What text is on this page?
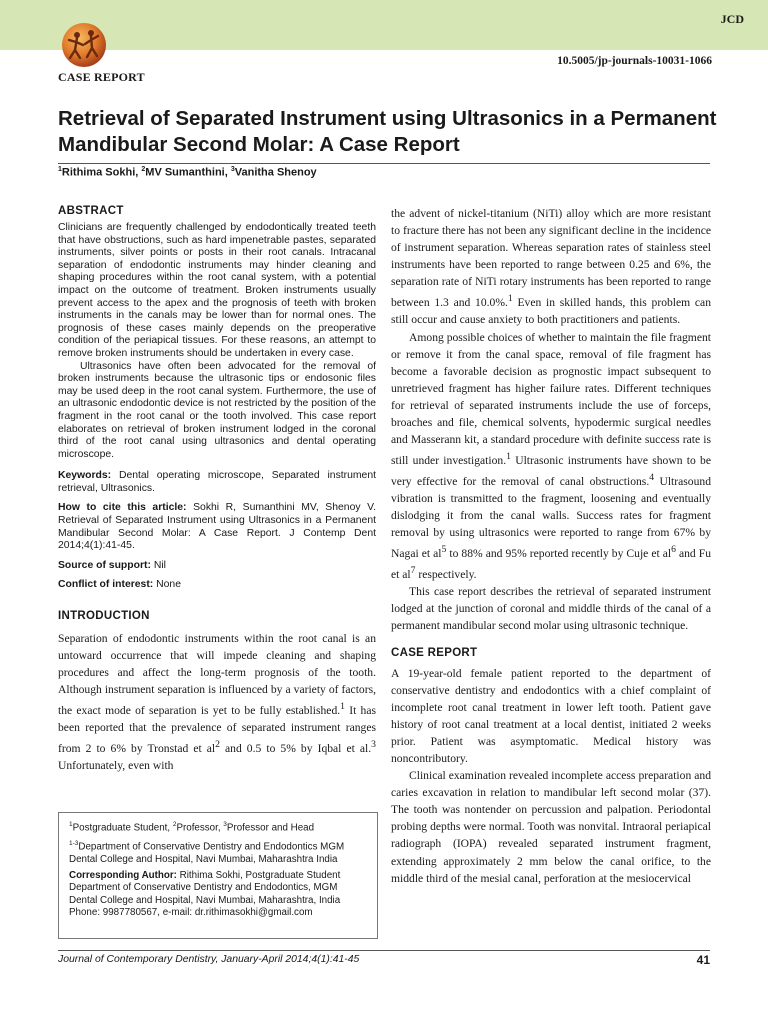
JCD
CASE REPORT
10.5005/jp-journals-10031-1066
Retrieval of Separated Instrument using Ultrasonics in a Permanent Mandibular Second Molar: A Case Report
$^1$Rithima Sokhi, $^2$MV Sumanthini, $^3$Vanitha Shenoy
ABSTRACT

Clinicians are frequently challenged by endodontically treated teeth that have obstructions, such as hard impenetrable pastes, separated instruments, silver points or posts in their root canals. Intracanal separation of endodontic instruments may hinder cleaning and shaping procedures within the root canal system, with a potential impact on the outcome of treatment. Broken instruments usually prevent access to the apex and the prognosis of teeth with broken instruments in the canals may be lower than for normal ones. The prognosis of these cases mainly depends on the preoperative condition of the periapical tissues. For these reasons, an attempt to remove broken instruments should be undertaken in every case.

Ultrasonics have often been advocated for the removal of broken instruments because the ultrasonic tips or endosonic files may be used deep in the root canal system. Furthermore, the use of an ultrasonic endodontic device is not restricted by the position of the fragment in the root canal or the tooth involved. This case report elaborates on retrieval of broken instrument lodged in the coronal third of the root canal using ultrasonics and dental operating microscope.

Keywords: Dental operating microscope, Separated instrument retrieval, Ultrasonics.

How to cite this article: Sokhi R, Sumanthini MV, Shenoy V. Retrieval of Separated Instrument using Ultrasonics in a Permanent Mandibular Second Molar: A Case Report. J Contemp Dent 2014;4(1):41-45.

Source of support: Nil

Conflict of interest: None

INTRODUCTION

Separation of endodontic instruments within the root canal is an untoward occurrence that will impede cleaning and shaping procedures and affect the long-term prognosis of the tooth. Although instrument separation is influenced by a variety of factors, the exact mode of separation is yet to be fully established.$^1$ It has been reported that the prevalence of separated instrument ranges from 2 to 6% by Tronstad et $al^2$ and 0.5 to 5% by Iqbal et al.$^3$ Unfortunately, even with

$^1$Postgraduate Student, $^2$Professor, $^3$Professor and Head

$^{1-3}$Department of Conservative Dentistry and Endodontics MGM Dental College and Hospital, Navi Mumbai, Maharashtra India

Corresponding Author: Rithima Sokhi, Postgraduate Student Department of Conservative Dentistry and Endodontics, MGM Dental College and Hospital, Navi Mumbai, Maharashtra, India Phone: 9987780567, e-mail: dr.rithimasokhi@gmail.com

the advent of nickel-titanium (NiTi) alloy which are more resistant to fracture there has not been any significant decline in the incidence of instrument separation. Whereas separation rates of stainless steel instruments have been reported to range between 0.25 and 6%, the separation rate of NiTi rotary instruments has been reported to range between 1.3 and 10.0%.$^1$ Even in skilled hands, this problem can still occur and cause anxiety to both practitioners and patients.

Among possible choices of whether to maintain the file fragment or remove it from the canal space, removal of file fragment has become a favorable decision as prognostic impact subsequent to unretrieved fragment has higher failure rates. Different techniques for retrieval of separated instruments include the use of forceps, broaches and file, chemical solvents, hypodermic surgical needles and Masserann kit, a standard procedure with definite success rate is still under investigation.$^1$ Ultrasonic instruments have shown to be very effective for the removal of canal obstructions.$^4$ Ultrasound vibration is transmitted to the fragment, loosening and eventually dislodging it from the canal walls. Success rates for fragment removal by using ultrasonics were reported to range from 67% by Nagai et $al^5$ to 88% and 95% reported recently by Cuje et $al^6$ and Fu et $al^7$ respectively.

This case report describes the retrieval of separated instrument lodged at the junction of coronal and middle thirds of the canal of a permanent mandibular second molar using ultrasonic technique.

CASE REPORT

A 19-year-old female patient reported to the department of conservative dentistry and endodontics with a chief complaint of incomplete root canal treatment in lower left tooth. Patient gave history of root canal treatment at a local dentist, initiated 2 weeks prior. Patient was asymptomatic. Medical history was noncontributory.

Clinical examination revealed incomplete access preparation and caries excavation in relation to mandibular left second molar (37). The tooth was nontender on percussion and palpation. Periodontal probing depths were normal. Tooth was nonvital. Intraoral periapical radiograph (IOPA) revealed separated instrument fragment, extending approximately 2 mm below the canal orifice, to the middle third of the mesial canal, perforation at the mesiocervical

Journal of Contemporary Dentistry, January-April 2014;4(1):41-45	41
